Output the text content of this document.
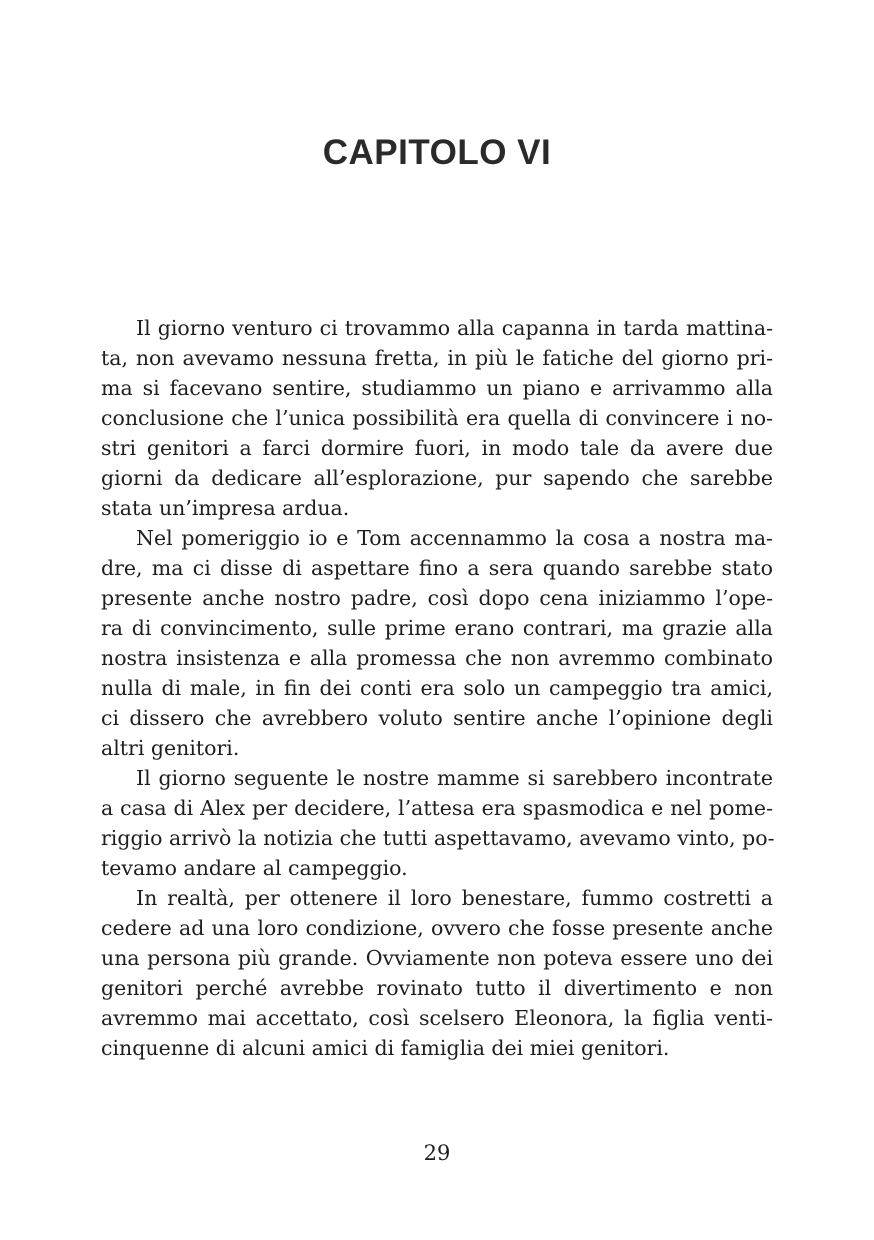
CAPITOLO VI
Il giorno venturo ci trovammo alla capanna in tarda mattina-
ta, non avevamo nessuna fretta, in più le fatiche del giorno pri-
ma si facevano sentire, studiammo un piano e arrivammo alla
conclusione che l’unica possibilità era quella di convincere i no-
stri genitori a farci dormire fuori, in modo tale da avere due
giorni da dedicare all’esplorazione, pur sapendo che sarebbe
stata un’impresa ardua.
Nel pomeriggio io e Tom accennammo la cosa a nostra ma-
dre, ma ci disse di aspettare fino a sera quando sarebbe stato
presente anche nostro padre, così dopo cena iniziammo l’ope-
ra di convincimento, sulle prime erano contrari, ma grazie alla
nostra insistenza e alla promessa che non avremmo combinato
nulla di male, in fin dei conti era solo un campeggio tra amici,
ci dissero che avrebbero voluto sentire anche l’opinione degli
altri genitori.
Il giorno seguente le nostre mamme si sarebbero incontrate
a casa di Alex per decidere, l’attesa era spasmodica e nel pome-
riggio arrivò la notizia che tutti aspettavamo, avevamo vinto, po-
tevamo andare al campeggio.
In realtà, per ottenere il loro benestare, fummo costretti a
cedere ad una loro condizione, ovvero che fosse presente anche
una persona più grande. Ovviamente non poteva essere uno dei
genitori perché avrebbe rovinato tutto il divertimento e non
avremmo mai accettato, così scelsero Eleonora, la figlia venti-
cinquenne di alcuni amici di famiglia dei miei genitori.
29
